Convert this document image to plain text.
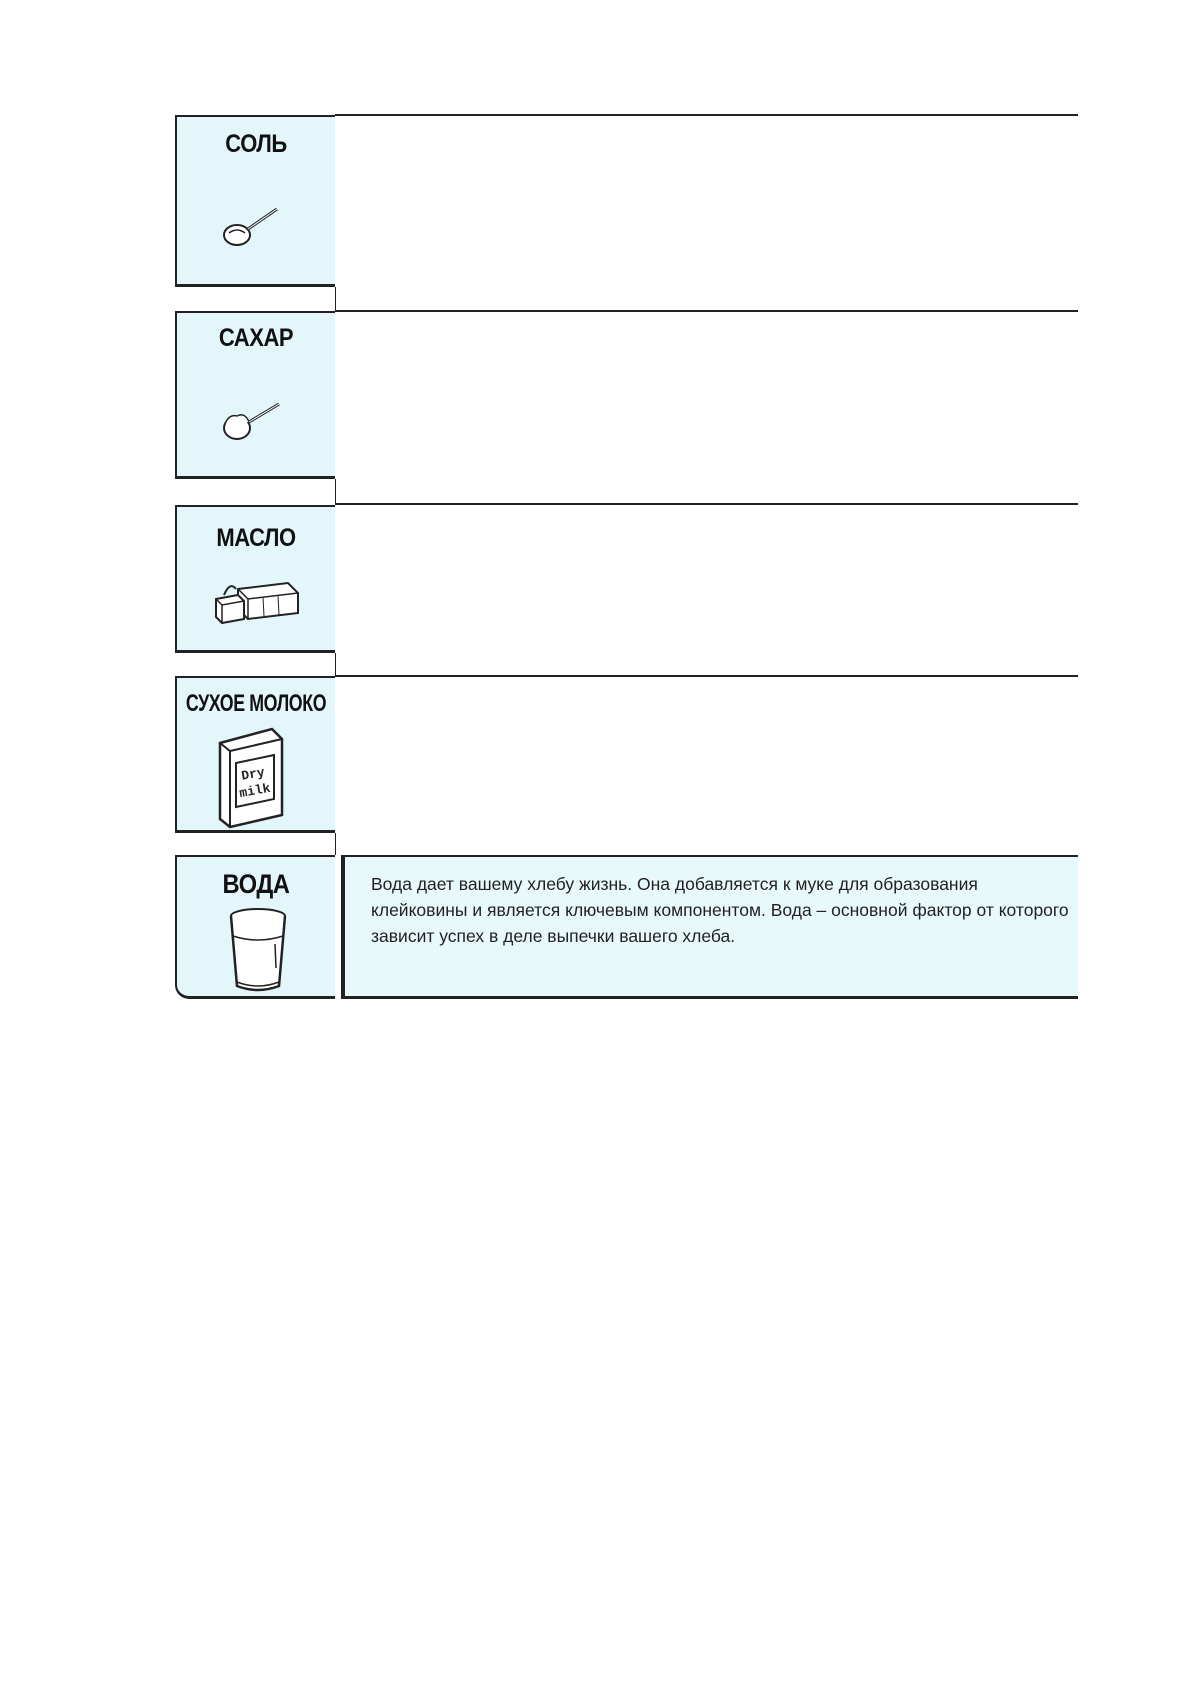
СОЛЬ
САХАР
МАСЛО
СУХОЕ МОЛОКО
Dry
milk
ВОДА	Вода дает вашему хлебу жизнь. Она добавляется к муке для образования клейковины и является ключевым компонентом. Вода – основной фактор от которого зависит успех в деле выпечки вашего хлеба.
